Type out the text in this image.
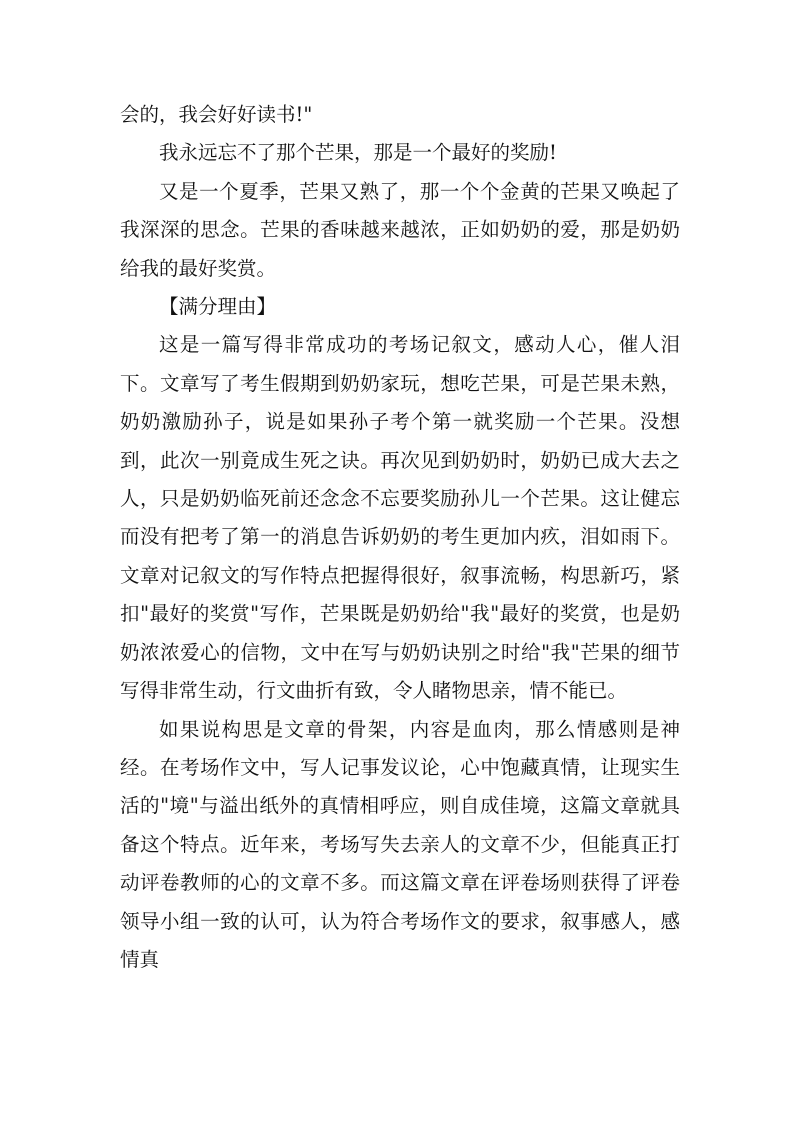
会的，我会好好读书!"

我永远忘不了那个芒果，那是一个最好的奖励!

又是一个夏季，芒果又熟了，那一个个金黄的芒果又唤起了我深深的思念。芒果的香味越来越浓，正如奶奶的爱，那是奶奶给我的最好奖赏。

【满分理由】

这是一篇写得非常成功的考场记叙文，感动人心，催人泪下。文章写了考生假期到奶奶家玩，想吃芒果，可是芒果未熟，奶奶激励孙子，说是如果孙子考个第一就奖励一个芒果。没想到，此次一别竟成生死之诀。再次见到奶奶时，奶奶已成大去之人，只是奶奶临死前还念念不忘要奖励孙儿一个芒果。这让健忘而没有把考了第一的消息告诉奶奶的考生更加内疚，泪如雨下。文章对记叙文的写作特点把握得很好，叙事流畅，构思新巧，紧扣"最好的奖赏"写作，芒果既是奶奶给"我"最好的奖赏，也是奶奶浓浓爱心的信物，文中在写与奶奶诀别之时给"我"芒果的细节写得非常生动，行文曲折有致，令人睹物思亲，情不能已。

如果说构思是文章的骨架，内容是血肉，那么情感则是神经。在考场作文中，写人记事发议论，心中饱藏真情，让现实生活的"境"与溢出纸外的真情相呼应，则自成佳境，这篇文章就具备这个特点。近年来，考场写失去亲人的文章不少，但能真正打动评卷教师的心的文章不多。而这篇文章在评卷场则获得了评卷领导小组一致的认可，认为符合考场作文的要求，叙事感人，感情真
